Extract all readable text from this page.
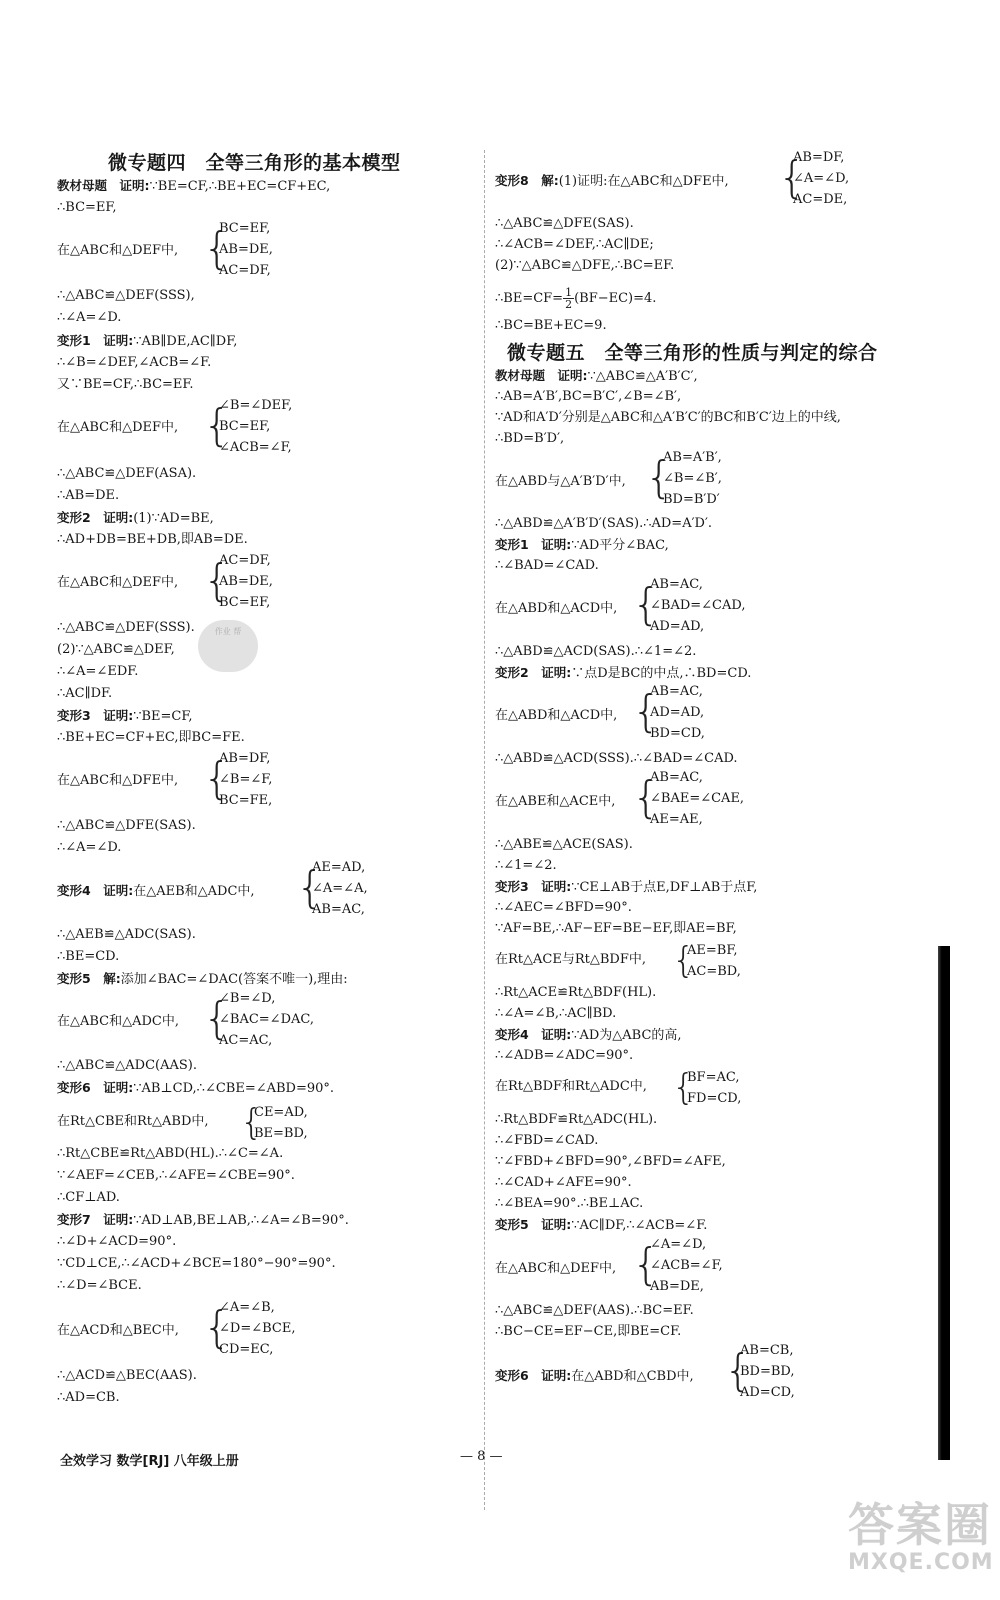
微专题四　全等三角形的基本模型
教材母题　证明:∵BE=CF,∴BE+EC=CF+EC,
∴BC=EF,
在△ABC和△DEF中, {
BC=EF,
AB=DE,
AC=DF,
∴△ABC≌△DEF(SSS),
∴∠A=∠D.
变形1　证明:∵AB∥DE,AC∥DF,
∴∠B=∠DEF,∠ACB=∠F.
又∵BE=CF,∴BC=EF.
在△ABC和△DEF中, {
∠B=∠DEF,
BC=EF,
∠ACB=∠F,
∴△ABC≌△DEF(ASA).
∴AB=DE.
变形2　证明:(1)∵AD=BE,
∴AD+DB=BE+DB,即AB=DE.
在△ABC和△DEF中, {
AC=DF,
AB=DE,
BC=EF,
∴△ABC≌△DEF(SSS).
(2)∵△ABC≌△DEF,
∴∠A=∠EDF.
∴AC∥DF.
变形3　证明:∵BE=CF,
∴BE+EC=CF+EC,即BC=FE.
在△ABC和△DFE中, {
AB=DF,
∠B=∠F,
BC=FE,
∴△ABC≌△DFE(SAS).
∴∠A=∠D.
变形4　证明:在△AEB和△ADC中, {
AE=AD,
∠A=∠A,
AB=AC,
∴△AEB≌△ADC(SAS).
∴BE=CD.
变形5　解:添加∠BAC=∠DAC(答案不唯一),理由:
在△ABC和△ADC中, {
∠B=∠D,
∠BAC=∠DAC,
AC=AC,
∴△ABC≌△ADC(AAS).
变形6　证明:∵AB⊥CD,∴∠CBE=∠ABD=90°.
在Rt△CBE和Rt△ABD中, {
CE=AD,
BE=BD,
∴Rt△CBE≌Rt△ABD(HL).∴∠C=∠A.
∵∠AEF=∠CEB,∴∠AFE=∠CBE=90°.
∴CF⊥AD.
变形7　证明:∵AD⊥AB,BE⊥AB,∴∠A=∠B=90°.
∴∠D+∠ACD=90°.
∵CD⊥CE,∴∠ACD+∠BCE=180°−90°=90°.
∴∠D=∠BCE.
在△ACD和△BEC中, {
∠A=∠B,
∠D=∠BCE,
CD=EC,
∴△ACD≌△BEC(AAS).
∴AD=CB.
变形8　解:(1)证明:在△ABC和△DFE中, {
AB=DF,
∠A=∠D,
AC=DE,
∴△ABC≌△DFE(SAS).
∴∠ACB=∠DEF,∴AC∥DE;
(2)∵△ABC≌△DFE,∴BC=EF.
∴BE=CF= $\frac{1}{2} (BF-EC)=4$.
∴BC=BE+EC=9.
微专题五　全等三角形的性质与判定的综合
教材母题　证明:∵△ABC≌△A′B′C′,
∴AB=A′B′,BC=B′C′,∠B=∠B′,
∵AD和A′D′分别是△ABC和△A′B′C′的BC和B′C′边上的中线,
∴BD=B′D′,
在△ABD与△A′B′D′中, {
AB=A′B′,
∠B=∠B′,
BD=B′D′
∴△ABD≌△A′B′D′(SAS).∴AD=A′D′.
变形1　证明:∵AD平分∠BAC,
∴∠BAD=∠CAD.
在△ABD和△ACD中, {
AB=AC,
∠BAD=∠CAD,
AD=AD,
∴△ABD≌△ACD(SAS).∴∠1=∠2.
变形2　证明:∵点D是BC的中点,∴BD=CD.
在△ABD和△ACD中, {
AB=AC,
AD=AD,
BD=CD,
∴△ABD≌△ACD(SSS).∴∠BAD=∠CAD.
在△ABE和△ACE中, {
AB=AC,
∠BAE=∠CAE,
AE=AE,
∴△ABE≌△ACE(SAS).
∴∠1=∠2.
变形3　证明:∵CE⊥AB于点E,DF⊥AB于点F,
∴∠AEC=∠BFD=90°.
∵AF=BE,∴AF−EF=BE−EF,即AE=BF,
在Rt△ACE与Rt△BDF中, {
AE=BF,
AC=BD,
∴Rt△ACE≌Rt△BDF(HL).
∴∠A=∠B,∴AC∥BD.
变形4　证明:∵AD为△ABC的高,
∴∠ADB=∠ADC=90°.
在Rt△BDF和Rt△ADC中, {
BF=AC,
FD=CD,
∴Rt△BDF≌Rt△ADC(HL).
∴∠FBD=∠CAD.
∵∠FBD+∠BFD=90°,∠BFD=∠AFE,
∴∠CAD+∠AFE=90°.
∴∠BEA=90°.∴BE⊥AC.
变形5　证明:∵AC∥DF,∴∠ACB=∠F.
在△ABC和△DEF中, {
∠A=∠D,
∠ACB=∠F,
AB=DE,
∴△ABC≌△DEF(AAS).∴BC=EF.
∴BC−CE=EF−CE,即BE=CF.
变形6　证明:在△ABD和△CBD中, {
AB=CB,
BD=BD,
AD=CD,
作业 帮
全效学习 数学[RJ] 八年级上册	— 8 —
答案圈
MXQE.COM
